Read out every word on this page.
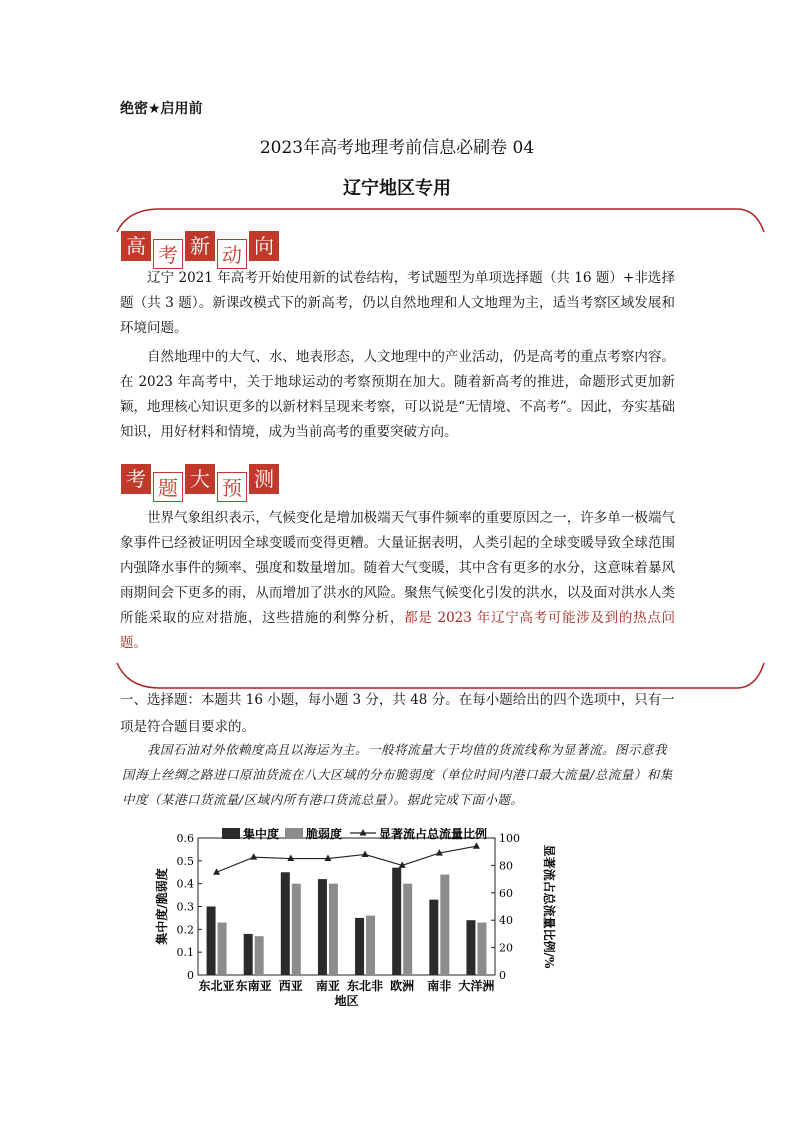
绝密★启用前
2023年高考地理考前信息必刷卷 04
辽宁地区专用
高 考 新 动 向

辽宁 2021 年高考开始使用新的试卷结构，考试题型为单项选择题（共 16 题）+非选择题（共 3 题）。新课改模式下的新高考，仍以自然地理和人文地理为主，适当考察区域发展和环境问题。

自然地理中的大气、水、地表形态，人文地理中的产业活动，仍是高考的重点考察内容。在 2023 年高考中，关于地球运动的考察预期在加大。随着新高考的推进，命题形式更加新颖，地理核心知识更多的以新材料呈现来考察，可以说是“无情境、不高考”。因此，夯实基础知识，用好材料和情境，成为当前高考的重要突破方向。

考 题 大 预 测

世界气象组织表示，气候变化是增加极端天气事件频率的重要原因之一，许多单一极端气象事件已经被证明因全球变暖而变得更糟。大量证据表明，人类引起的全球变暖导致全球范围内强降水事件的频率、强度和数量增加。随着大气变暖，其中含有更多的水分，这意味着暴风雨期间会下更多的雨，从而增加了洪水的风险。聚焦气候变化引发的洪水，以及面对洪水人类所能采取的应对措施，这些措施的利弊分析，都是 2023 年辽宁高考可能涉及到的热点问题。

一、选择题：本题共 16 小题，每小题 3 分，共 48 分。在每小题给出的四个选项中，只有一项是符合题目要求的。
我国石油对外依赖度高且以海运为主。一般将流量大于均值的货流线称为显著流。图示意我国海上丝绸之路进口原油货流在八大区域的分布脆弱度（单位时间内港口最大流量/总流量）和集中度（某港口货流量/区域内所有港口货流总量）。据此完成下面小题。
0
0.1
0.2
0.3
0.4
0.5
0.6
0
20
40
60
80
100
东北亚 东南亚 西亚 南亚 东北非 欧洲 南非 大洋洲
地区
集中度/脆弱度	显著流占总流量比例/%
集中度 脆弱度	显著流占总流量比例
